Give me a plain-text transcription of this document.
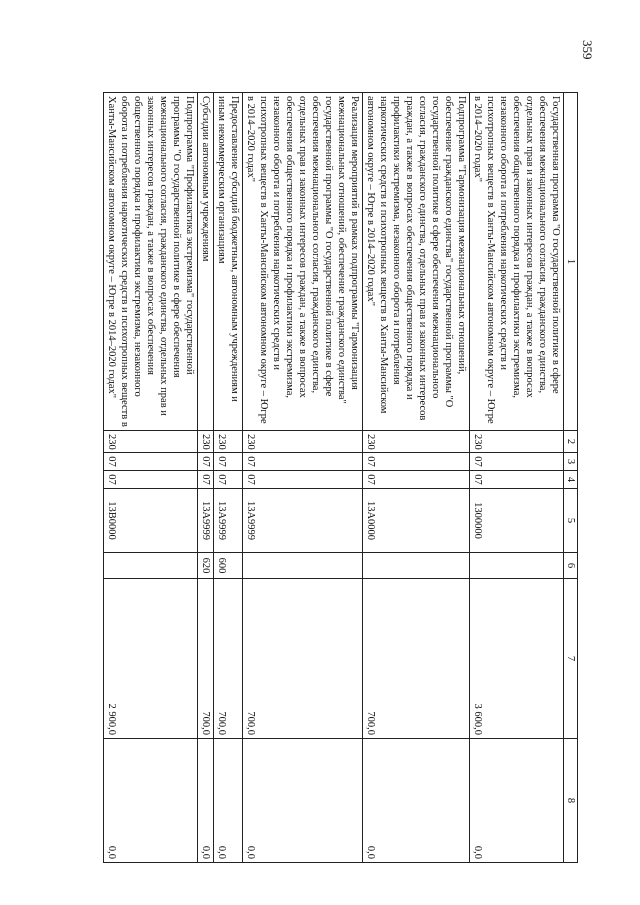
359
1	2	3	4	5	6	7	8
Государственная программа "О государственной политике в сфере обеспечения межнационального согласия, гражданского единства, отдельных прав и законных интересов граждан, а также в вопросах обеспечения общественного порядка и профилактики экстремизма, незаконного оборота и потребления наркотических средств и психотропных веществ в Ханты-Мансийском автономном округе – Югре в 2014–2020 годах"	230	07	07	1300000		3 600,0	0,0
Подпрограмма "Гармонизация межнациональных отношений, обеспечение гражданского единства" государственной программы "О государственной политике в сфере обеспечения межнационального согласия, гражданского единства, отдельных прав и законных интересов граждан, а также в вопросах обеспечения общественного порядка и профилактики экстремизма, незаконного оборота и потребления наркотических средств и психотропных веществ в Ханты-Мансийском автономном округе – Югре в 2014–2020 годах"	230	07	07	13А0000		700,0	0,0
Реализация мероприятий в рамках подпрограммы "Гармонизация межнациональных отношений, обеспечение гражданского единства" государственной программы "О государственной политике в сфере обеспечения межнационального согласия, гражданского единства, отдельных прав и законных интересов граждан, а также в вопросах обеспечения общественного порядка и профилактики экстремизма, незаконного оборота и потребления наркотических средств и психотропных веществ в Ханты-Мансийском автономном округе – Югре в 2014–2020 годах"	230	07	07	13А9999		700,0	0,0
Предоставление субсидий бюджетным, автономным учреждениям и иным некоммерческим организациям	230	07	07	13А9999	600	700,0	0,0
Субсидии автономным учреждениям	230	07	07	13А9999	620	700,0	0,0
Подпрограмма "Профилактика экстремизма" государственной программы "О государственной политике в сфере обеспечения межнационального согласия, гражданского единства, отдельных прав и законных интересов граждан, а также в вопросах обеспечения общественного порядка и профилактики экстремизма, незаконного оборота и потребления наркотических средств и психотропных веществ в Ханты-Мансийском автономном округе – Югре в 2014–2020 годах"	230	07	07	13В0000		2 900,0	0,0
